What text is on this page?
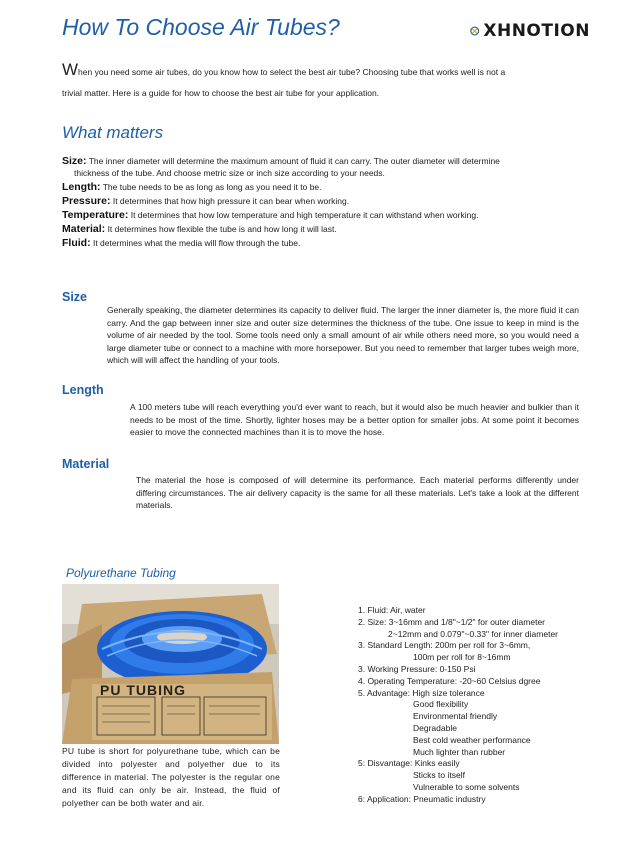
How To Choose Air Tubes?	XHNOTION
When you need some air tubes, do you know how to select the best air tube? Choosing tube that works well is not a
trivial matter. Here is a guide for how to choose the best air tube for your application.
What matters
Size: The inner diameter will determine the maximum amount of fluid it can carry. The outer diameter will determine
thickness of the tube. And choose metric size or inch size according to your needs.
Length: The tube needs to be as long as long as you need it to be.
Pressure: It determines that how high pressure it can bear when working.
Temperature: It determines that how low temperature and high temperature it can withstand when working.
Material: It determines how flexible the tube is and how long it will last.
Fluid: It determines what the media will flow through the tube.
Size
Generally speaking, the diameter determines its capacity to deliver fluid. The larger the inner diameter is, the more fluid it can carry. And the gap between inner size and outer size determines the thickness of the tube. One issue to keep in mind is the volume of air needed by the tool. Some tools need only a small amount of air while others need more, so you would need a large diameter tube or connect to a machine with more horsepower. But you need to remember that larger tubes weigh more, which will will affect the handling of your tools.
Length
A 100 meters tube will reach everything you'd ever want to reach, but it would also be much heavier and bulkier than it needs to be most of the time. Shortly, lighter hoses may be a better option for smaller jobs. At some point it becomes easier to move the connected machines than it is to move the hose.
Material
The material the hose is composed of will determine its performance. Each material performs differently under differing circumstances. The air delivery capacity is the same for all these materials. Let's take a look at the different materials.
Polyurethane Tubing
PU TUBING
PU tube is short for polyurethane tube, which can be divided into polyester and polyether due to its difference in material. The polyester is the regular one and its fluid can only be air. Instead, the fluid of polyether can be both water and air.
1. Fluid: Air, water
2. Size: 3~16mm and 1/8"~1/2" for outer diameter
2~12mm and 0.079"~0.33" for inner diameter
3. Standard Length: 200m per roll for 3~6mm,
100m per roll for 8~16mm
3. Working Pressure: 0-150 Psi
4. Operating Temperature: -20~60 Celsius dgree
5. Advantage: High size tolerance
Good flexibility
Environmental friendly
Degradable
Best cold weather performance
Much lighter than rubber
5: Disvantage: Kinks easily
Sticks to itself
Vulnerable to some solvents
6: Application: Pneumatic industry
